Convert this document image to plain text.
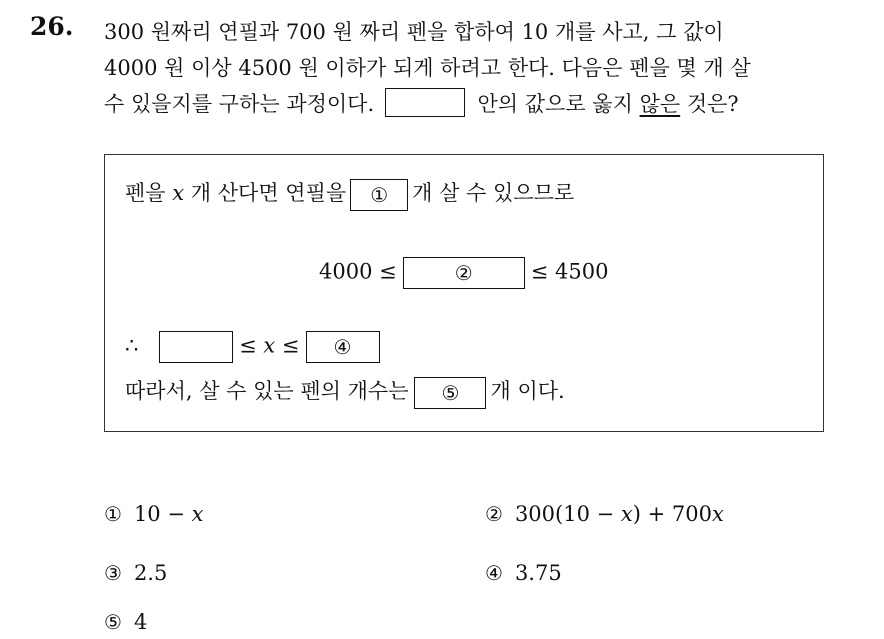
26. 300 원짜리 연필과 700 원 짜리 펜을 합하여 10 개를 사고, 그 값이
4000 원 이상 4500 원 이하가 되게 하려고 한다. 다음은 펜을 몇 개 살
수 있을지를 구하는 과정이다.	안의 값으로 옳지 않은 것은?
펜을 x 개 산다면 연필을 ① 개 살 수 있으므로
4000 ≤	②	≤ 4500
∴	≤ x ≤ ④
따라서, 살 수 있는 펜의 개수는 ⑤ 개 이다.
① 10 − x	② 300(10 − x) + 700x
③ 2.5	④ 3.75
⑤ 4
